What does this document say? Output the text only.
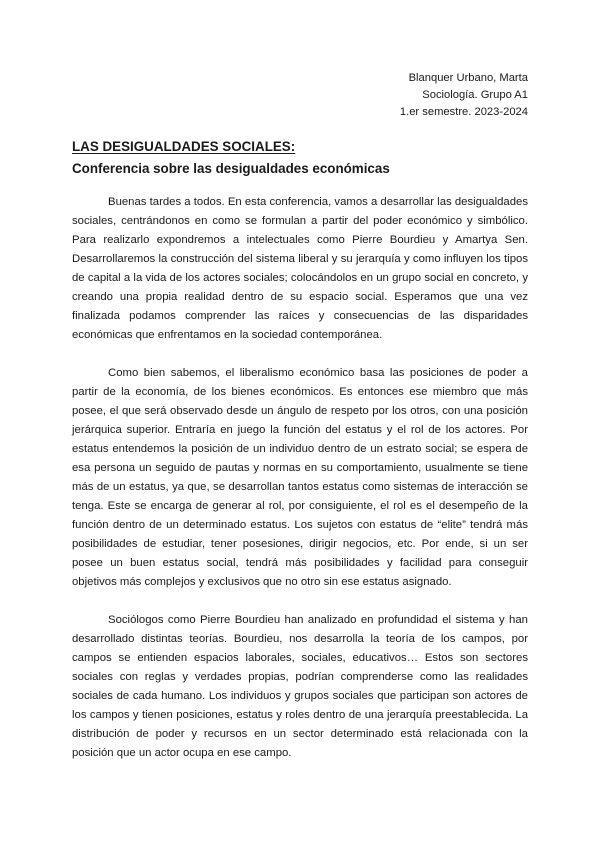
Blanquer Urbano, Marta
Sociología. Grupo A1
1.er semestre. 2023-2024
LAS DESIGUALDADES SOCIALES:
Conferencia sobre las desigualdades económicas

Buenas tardes a todos. En esta conferencia, vamos a desarrollar las desigualdades sociales, centrándonos en como se formulan a partir del poder económico y simbólico. Para realizarlo expondremos a intelectuales como Pierre Bourdieu y Amartya Sen. Desarrollaremos la construcción del sistema liberal y su jerarquía y como influyen los tipos de capital a la vida de los actores sociales; colocándolos en un grupo social en concreto, y creando una propia realidad dentro de su espacio social. Esperamos que una vez finalizada podamos comprender las raíces y consecuencias de las disparidades económicas que enfrentamos en la sociedad contemporánea.

Como bien sabemos, el liberalismo económico basa las posiciones de poder a partir de la economía, de los bienes económicos. Es entonces ese miembro que más posee, el que será observado desde un ángulo de respeto por los otros, con una posición jerárquica superior. Entraría en juego la función del estatus y el rol de los actores. Por estatus entendemos la posición de un individuo dentro de un estrato social; se espera de esa persona un seguido de pautas y normas en su comportamiento, usualmente se tiene más de un estatus, ya que, se desarrollan tantos estatus como sistemas de interacción se tenga. Este se encarga de generar al rol, por consiguiente, el rol es el desempeño de la función dentro de un determinado estatus. Los sujetos con estatus de “elite” tendrá más posibilidades de estudiar, tener posesiones, dirigir negocios, etc. Por ende, si un ser posee un buen estatus social, tendrá más posibilidades y facilidad para conseguir objetivos más complejos y exclusivos que no otro sin ese estatus asignado.

Sociólogos como Pierre Bourdieu han analizado en profundidad el sistema y han desarrollado distintas teorías. Bourdieu, nos desarrolla la teoría de los campos, por campos se entienden espacios laborales, sociales, educativos… Estos son sectores sociales con reglas y verdades propias, podrían comprenderse como las realidades sociales de cada humano. Los individuos y grupos sociales que participan son actores de los campos y tienen posiciones, estatus y roles dentro de una jerarquía preestablecida. La distribución de poder y recursos en un sector determinado está relacionada con la posición que un actor ocupa en ese campo.
